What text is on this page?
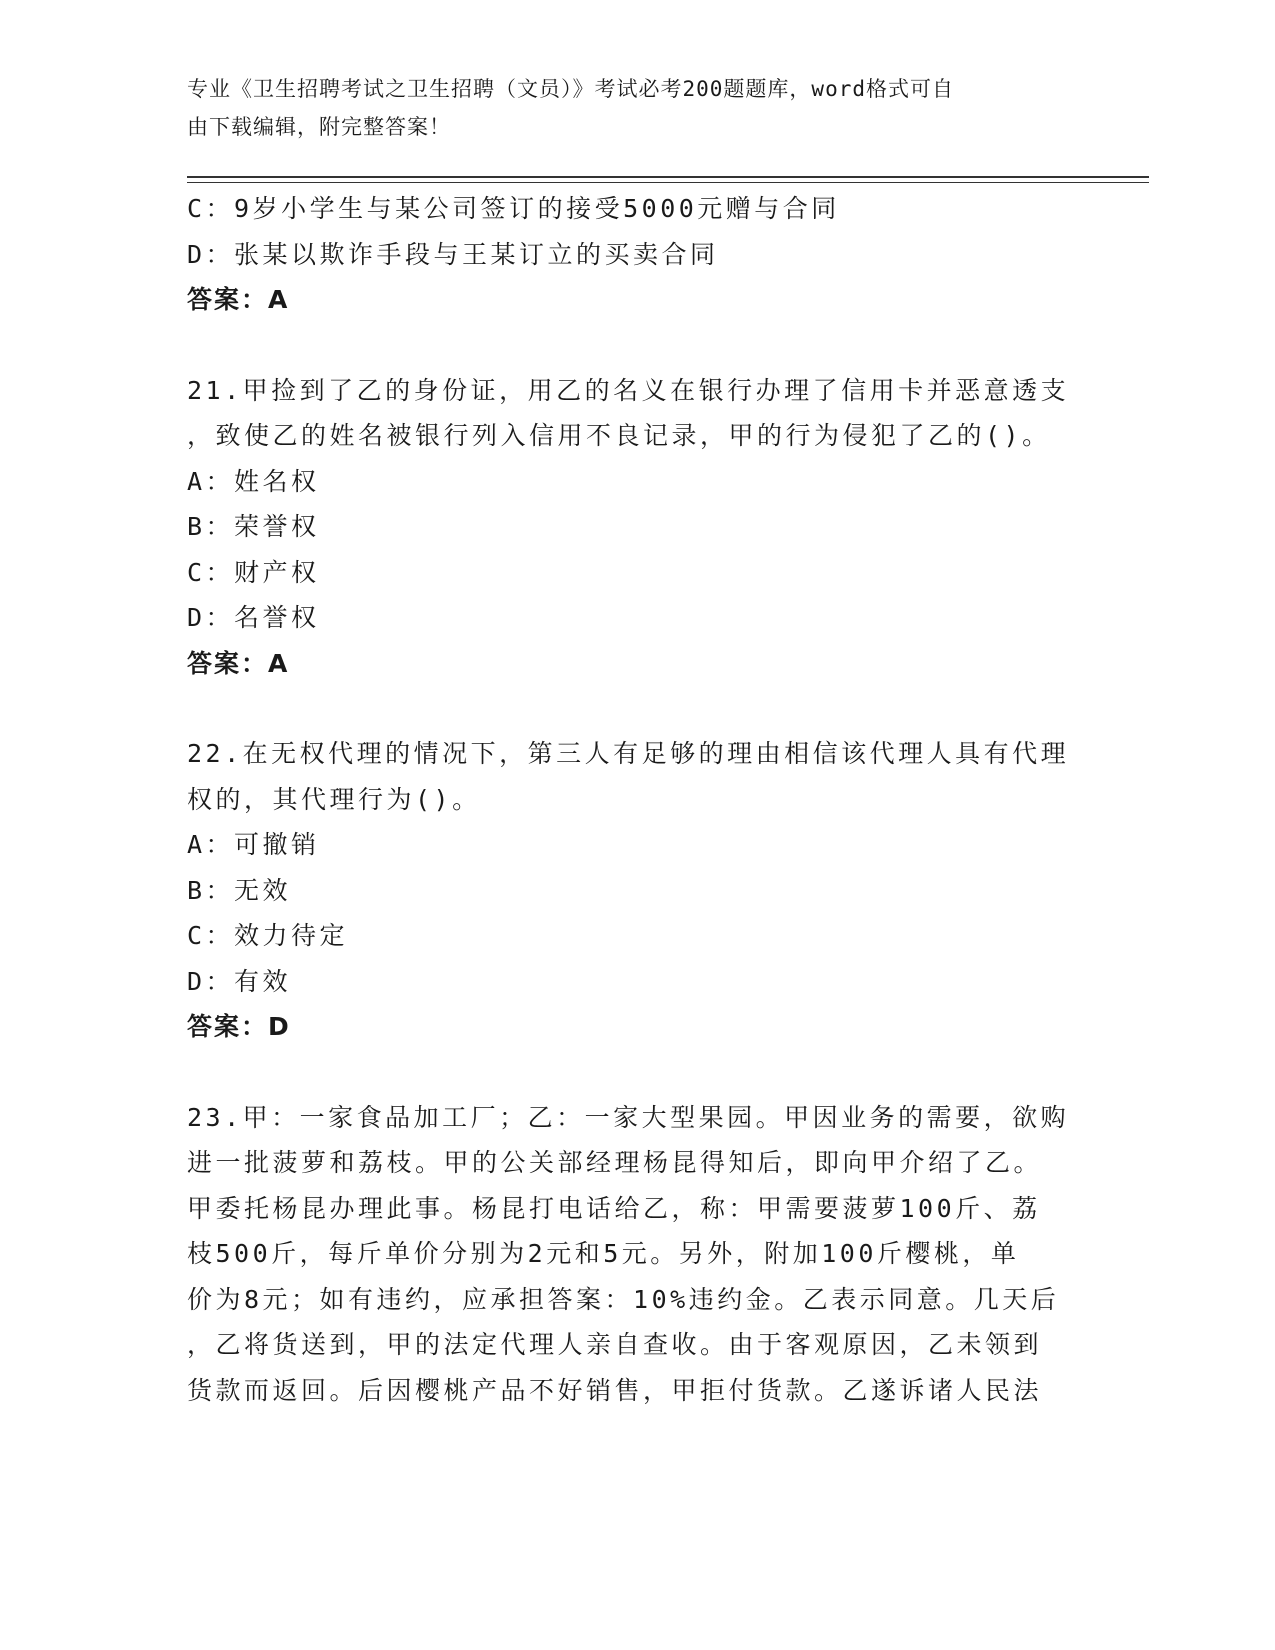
专业《卫生招聘考试之卫生招聘（文员）》考试必考200题题库，word格式可自
由下载编辑，附完整答案！
C：9岁小学生与某公司签订的接受5000元赠与合同
D：张某以欺诈手段与王某订立的买卖合同
答案：A
21.甲捡到了乙的身份证，用乙的名义在银行办理了信用卡并恶意透支
，致使乙的姓名被银行列入信用不良记录，甲的行为侵犯了乙的()。
A：姓名权
B：荣誉权
C：财产权
D：名誉权
答案：A
22.在无权代理的情况下，第三人有足够的理由相信该代理人具有代理
权的，其代理行为()。
A：可撤销
B：无效
C：效力待定
D：有效
答案：D
23.甲：一家食品加工厂；乙：一家大型果园。甲因业务的需要，欲购
进一批菠萝和荔枝。甲的公关部经理杨昆得知后，即向甲介绍了乙。
甲委托杨昆办理此事。杨昆打电话给乙，称：甲需要菠萝100斤、荔
枝500斤，每斤单价分别为2元和5元。另外，附加100斤樱桃，单
价为8元；如有违约，应承担答案：10%违约金。乙表示同意。几天后
，乙将货送到，甲的法定代理人亲自查收。由于客观原因，乙未领到
货款而返回。后因樱桃产品不好销售，甲拒付货款。乙遂诉诸人民法
